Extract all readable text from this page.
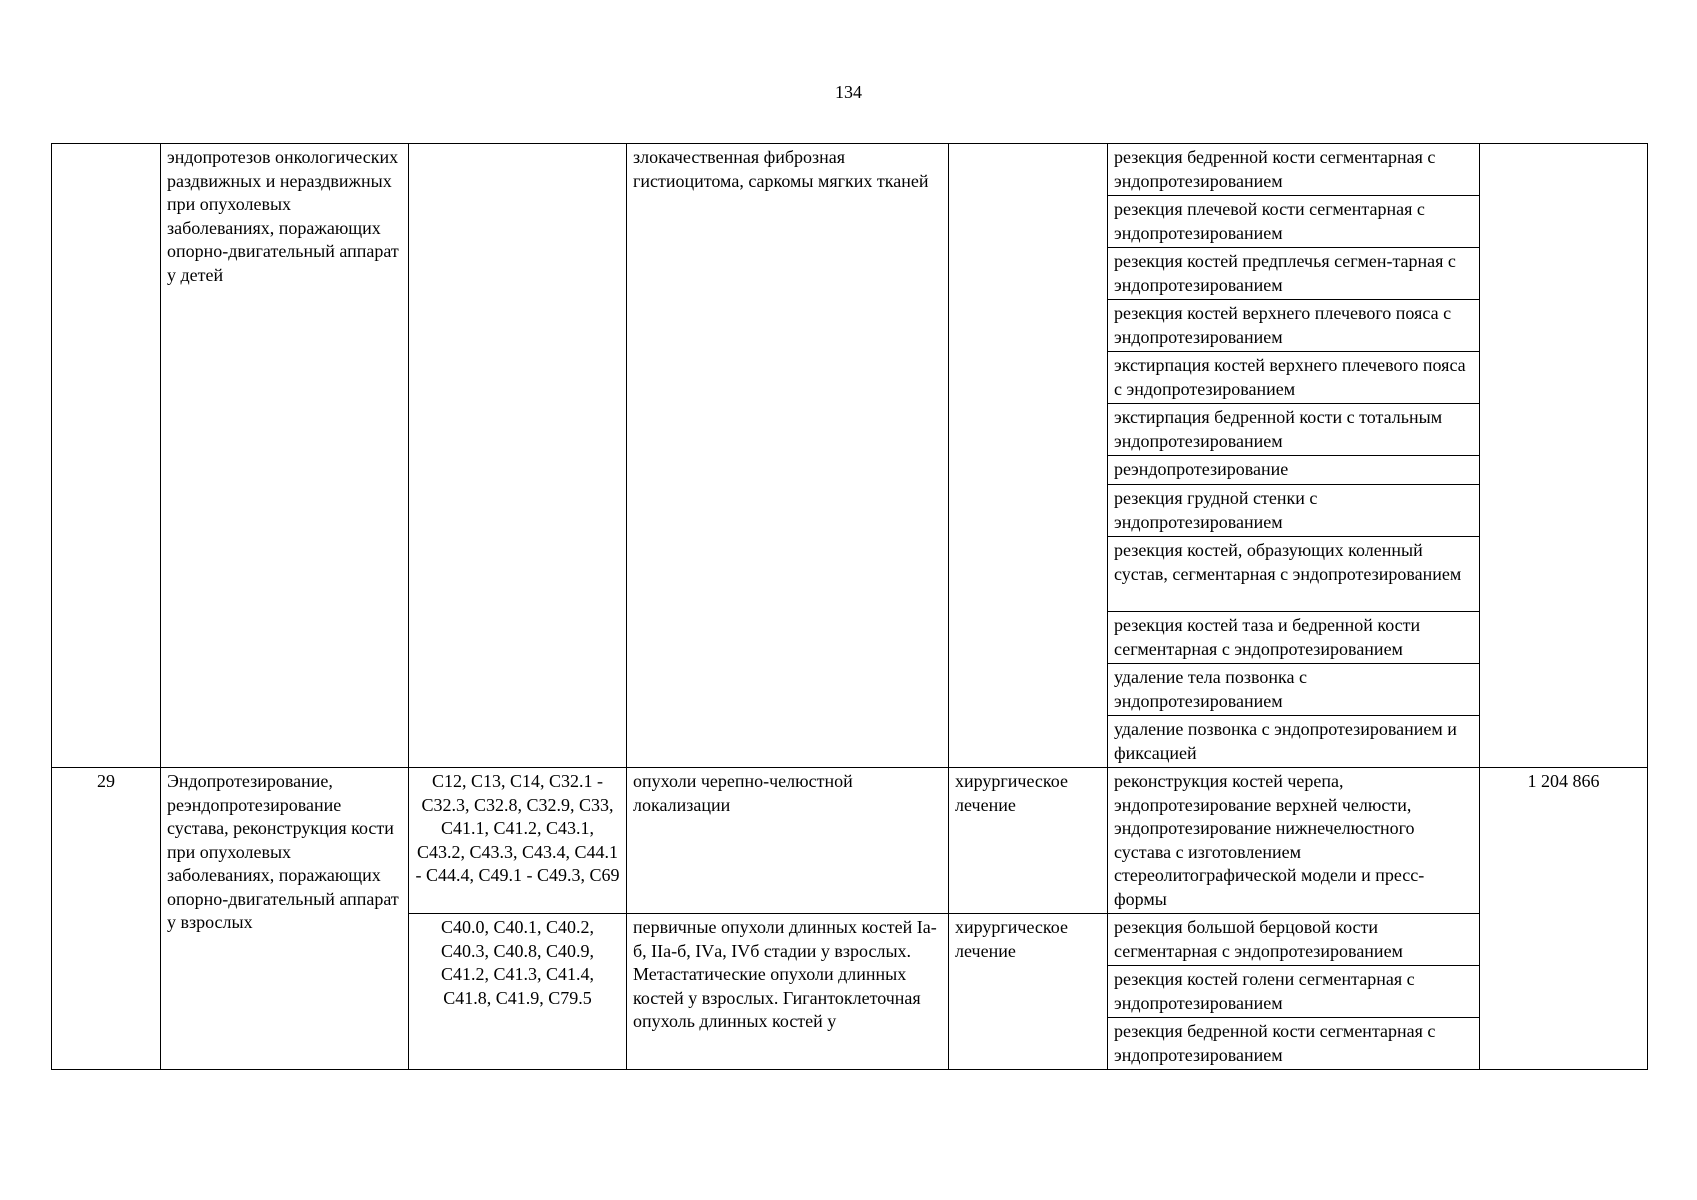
134
	эндопротезов онкологических раздвижных и нераздвижных при опухолевых заболеваниях, поражающих опорно-двигательный аппарат у детей		злокачественная фиброзная гистиоцитома, саркомы мягких тканей		резекция бедренной кости сегментарная с эндопротезированием	
					резекция плечевой кости сегментарная с эндопротезированием	
					резекция костей предплечья сегмен-тарная с эндопротезированием	
					резекция костей верхнего плечевого пояса с эндопротезированием	
					экстирпация костей верхнего плечевого пояса с эндопротезированием	
					экстирпация бедренной кости с тотальным эндопротезированием	
					реэндопротезирование	
					резекция грудной стенки с эндопротезированием	
					резекция костей, образующих коленный сустав, сегментарная с эндопротезированием	
					резекция костей таза и бедренной кости сегментарная с эндопротезированием	
					удаление тела позвонка с эндопротезированием	
					удаление позвонка с эндопротезированием и фиксацией	
29	Эндопротезирование, реэндопротезирование сустава, реконструкция кости при опухолевых заболеваниях, поражающих опорно-двигательный аппарат у взрослых	C12, C13, C14, C32.1 - C32.3, C32.8, C32.9, C33, C41.1, C41.2, C43.1, C43.2, C43.3, C43.4, C44.1 - C44.4, C49.1 - C49.3, C69	опухоли черепно-челюстной локализации	хирургическое лечение	реконструкция костей черепа, эндопротезирование верхней челюсти, эндопротезирование нижнечелюстного сустава с изготовлением стереолитографической модели и пресс-формы	1 204 866
		C40.0, C40.1, C40.2, C40.3, C40.8, C40.9, C41.2, C41.3, C41.4, C41.8, C41.9, C79.5	первичные опухоли длинных костей Iа-б, IIа-б, IVа, IVб стадии у взрослых. Метастатические опухоли длинных костей у взрослых. Гигантоклеточная опухоль длинных костей у	хирургическое лечение	резекция большой берцовой кости сегментарная с эндопротезированием	
					резекция костей голени сегментарная с эндопротезированием	
					резекция бедренной кости сегментарная с эндопротезированием	
